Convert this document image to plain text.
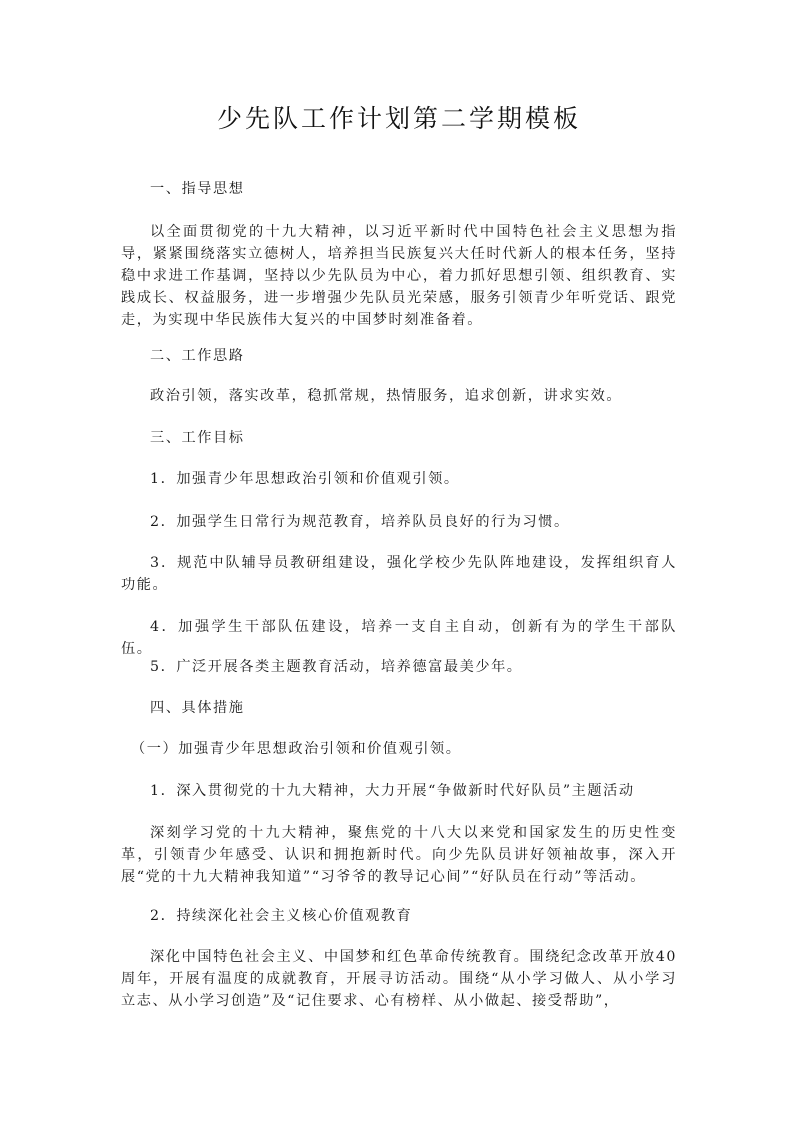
少先队工作计划第二学期模板

一、指导思想

以全面贯彻党的十九大精神，以习近平新时代中国特色社会主义思想为指导，紧紧围绕落实立德树人，培养担当民族复兴大任时代新人的根本任务，坚持稳中求进工作基调，坚持以少先队员为中心，着力抓好思想引领、组织教育、实践成长、权益服务，进一步增强少先队员光荣感，服务引领青少年听党话、跟党走，为实现中华民族伟大复兴的中国梦时刻准备着。

二、工作思路

政治引领，落实改革，稳抓常规，热情服务，追求创新，讲求实效。

三、工作目标

1．加强青少年思想政治引领和价值观引领。

2．加强学生日常行为规范教育，培养队员良好的行为习惯。

3．规范中队辅导员教研组建设，强化学校少先队阵地建设，发挥组织育人功能。

4．加强学生干部队伍建设，培养一支自主自动，创新有为的学生干部队伍。

5．广泛开展各类主题教育活动，培养德富最美少年。

四、具体措施

（一）加强青少年思想政治引领和价值观引领。

1．深入贯彻党的十九大精神，大力开展“争做新时代好队员”主题活动

深刻学习党的十九大精神，聚焦党的十八大以来党和国家发生的历史性变革，引领青少年感受、认识和拥抱新时代。向少先队员讲好领袖故事，深入开展“党的十九大精神我知道”“习爷爷的教导记心间”“好队员在行动”等活动。

2．持续深化社会主义核心价值观教育

深化中国特色社会主义、中国梦和红色革命传统教育。围绕纪念改革开放40周年，开展有温度的成就教育，开展寻访活动。围绕“从小学习做人、从小学习立志、从小学习创造”及“记住要求、心有榜样、从小做起、接受帮助”，
